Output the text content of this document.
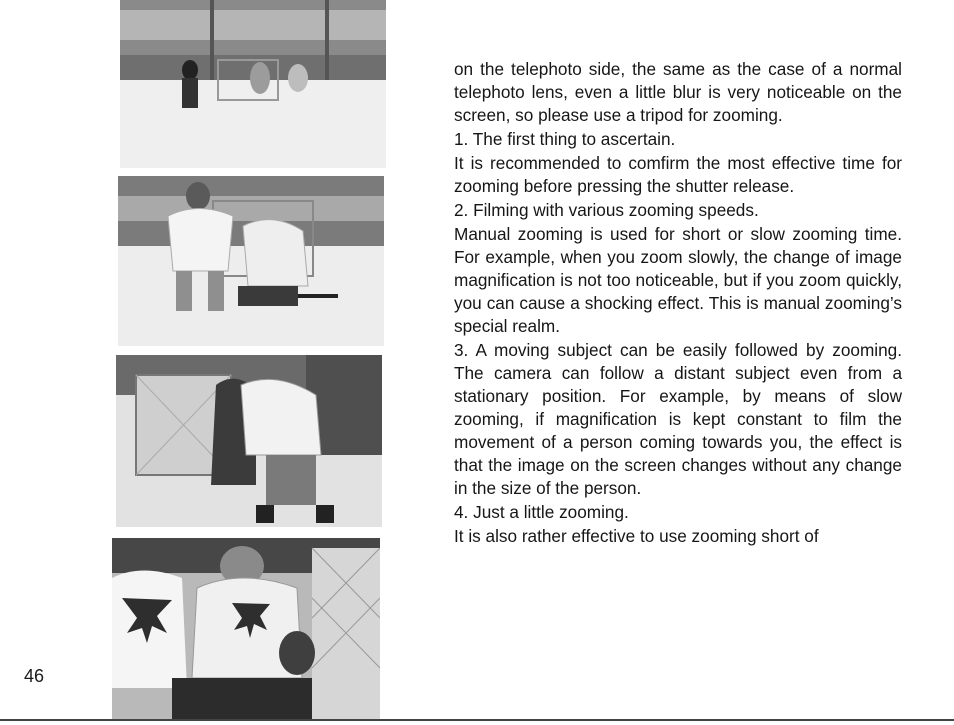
46

on the telephoto side, the same as the case of a normal telephoto lens, even a little blur is very noticeable on the screen, so please use a tripod for zooming.

1. The first thing to ascertain.

It is recommended to comfirm the most effective time for zooming before pressing the shutter release.

2. Filming with various zooming speeds.

Manual zooming is used for short or slow zooming time. For example, when you zoom slowly, the change of image magnification is not too noticeable, but if you zoom quickly, you can cause a shocking effect. This is manual zooming’s special realm.

3. A moving subject can be easily followed by zooming. The camera can follow a distant subject even from a stationary position. For example, by means of slow zooming, if magnification is kept constant to film the movement of a person coming towards you, the effect is that the image on the screen changes without any change in the size of the person.

4. Just a little zooming.

It is also rather effective to use zooming short of
